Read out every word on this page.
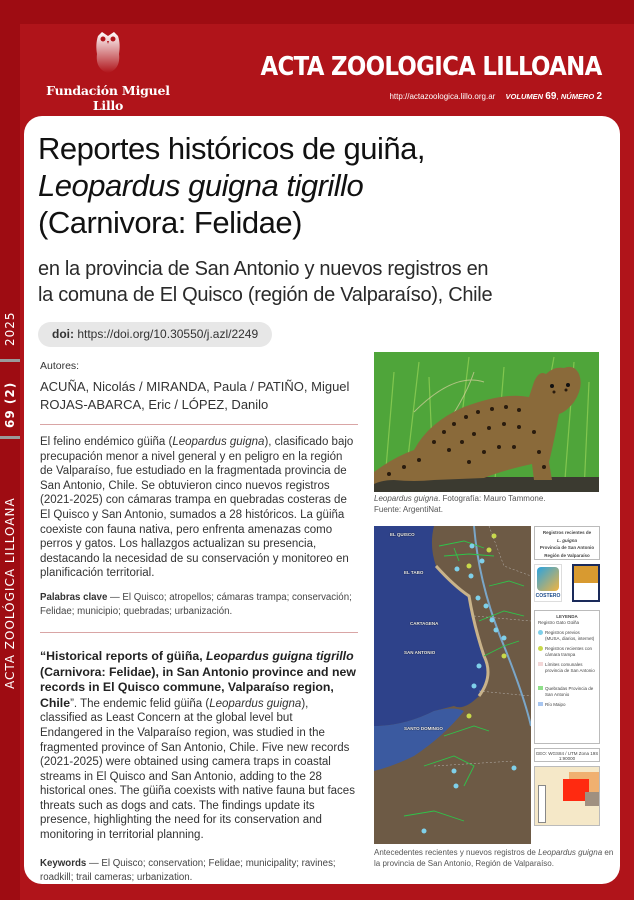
2025
69 (2)
ACTA ZOOLÓGICA LILLOANA
Fundación Miguel Lillo
ACTA ZOOLOGICA LILLOANA
http://actazoologica.lillo.org.ar VOLUMEN 69, NÚMERO 2
Reportes históricos de guiña,
Leopardus guigna tigrillo
(Carnivora: Felidae)
en la provincia de San Antonio y nuevos registros en
la comuna de El Quisco (región de Valparaíso), Chile
doi: https://doi.org/10.30550/j.azl/2249
Autores:
ACUÑA, Nicolás / MIRANDA, Paula / PATIÑO, Miguel
ROJAS-ABARCA, Eric / LÓPEZ, Danilo
El felino endémico güiña (Leopardus guigna), clasificado bajo precupación menor a nivel general y en peligro en la región de Valparaíso, fue estudiado en la fragmentada provincia de San Antonio, Chile. Se obtuvieron cinco nuevos registros (2021-2025) con cámaras trampa en quebradas costeras de El Quisco y San Antonio, sumados a 28 históricos. La güiña coexiste con fauna nativa, pero enfrenta amenazas como perros y gatos. Los hallazgos actualizan su presencia, destacando la necesidad de su conservación y monitoreo en planificación territorial.
Palabras clave — El Quisco; atropellos; cámaras trampa; conservación; Felidae; municipio; quebradas; urbanización.
“Historical reports of güiña, Leopardus guigna tigrillo (Carnivora: Felidae), in San Antonio province and new records in El Quisco commune, Valparaíso region, Chile”. The endemic felid güiña (Leopardus guigna), classified as Least Concern at the global level but Endangered in the Valparaíso region, was studied in the fragmented province of San Antonio, Chile. Five new records (2021-2025) were obtained using camera traps in coastal streams in El Quisco and San Antonio, adding to the 28 historical ones. The güiña coexists with native fauna but faces threats such as dogs and cats. The findings update its presence, highlighting the need for its conservation and monitoring in territorial planning.
Keywords — El Quisco; conservation; Felidae; municipality; ravines; roadkill; trail cameras; urbanization.
Leopardus guigna. Fotografía: Mauro Tammone.
Fuente: ArgentiNat.
EL QUISCO
EL TABO
CARTAGENA
SAN ANTONIO
SANTO DOMINGO
Registros recientes de
L. guigna
Provincia de San Antonio
Región de Valparaíso
COSTERO
LEYENDA
Registro Gato Güiña
Registros previos (MUSA, diarios, internet)
Registros recientes con cámara trampa
Límites comunales provincia de San Antonio
Quebradas Provincia de San Antonio
Río Maipo
GEO: WGS84 / UTM Zona 19S 1:90000
Antecedentes recientes y nuevos registros de Leopardus guigna en la provincia de San Antonio, Región de Valparaíso.
